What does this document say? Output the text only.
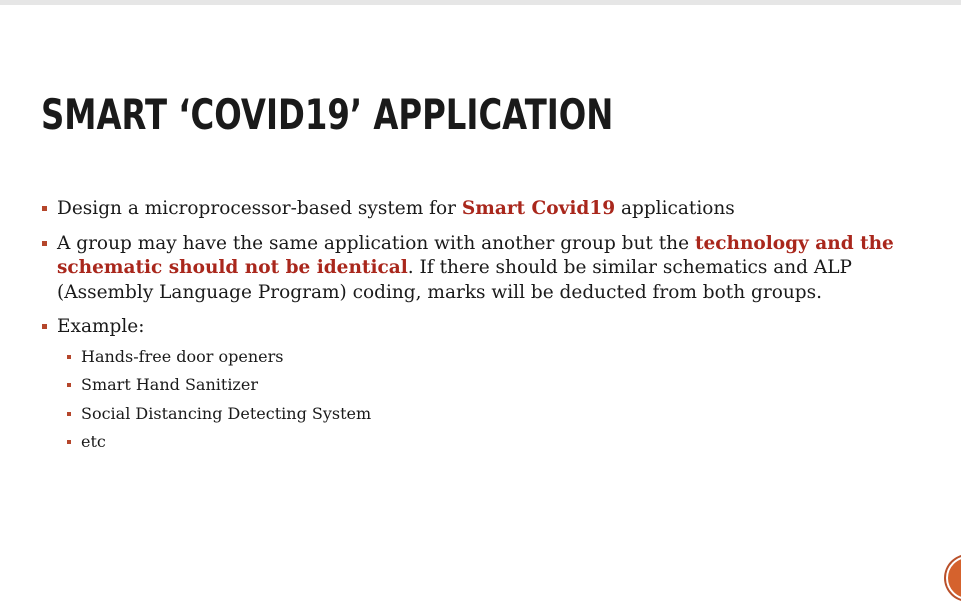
SMART ‘COVID19’ APPLICATION
Design a microprocessor-based system for Smart Covid19 applications
A group may have the same application with another group but the technology and the schematic should not be identical. If there should be similar schematics and ALP (Assembly Language Program) coding, marks will be deducted from both groups.
Example:
Hands-free door openers
Smart Hand Sanitizer
Social Distancing Detecting System
etc
